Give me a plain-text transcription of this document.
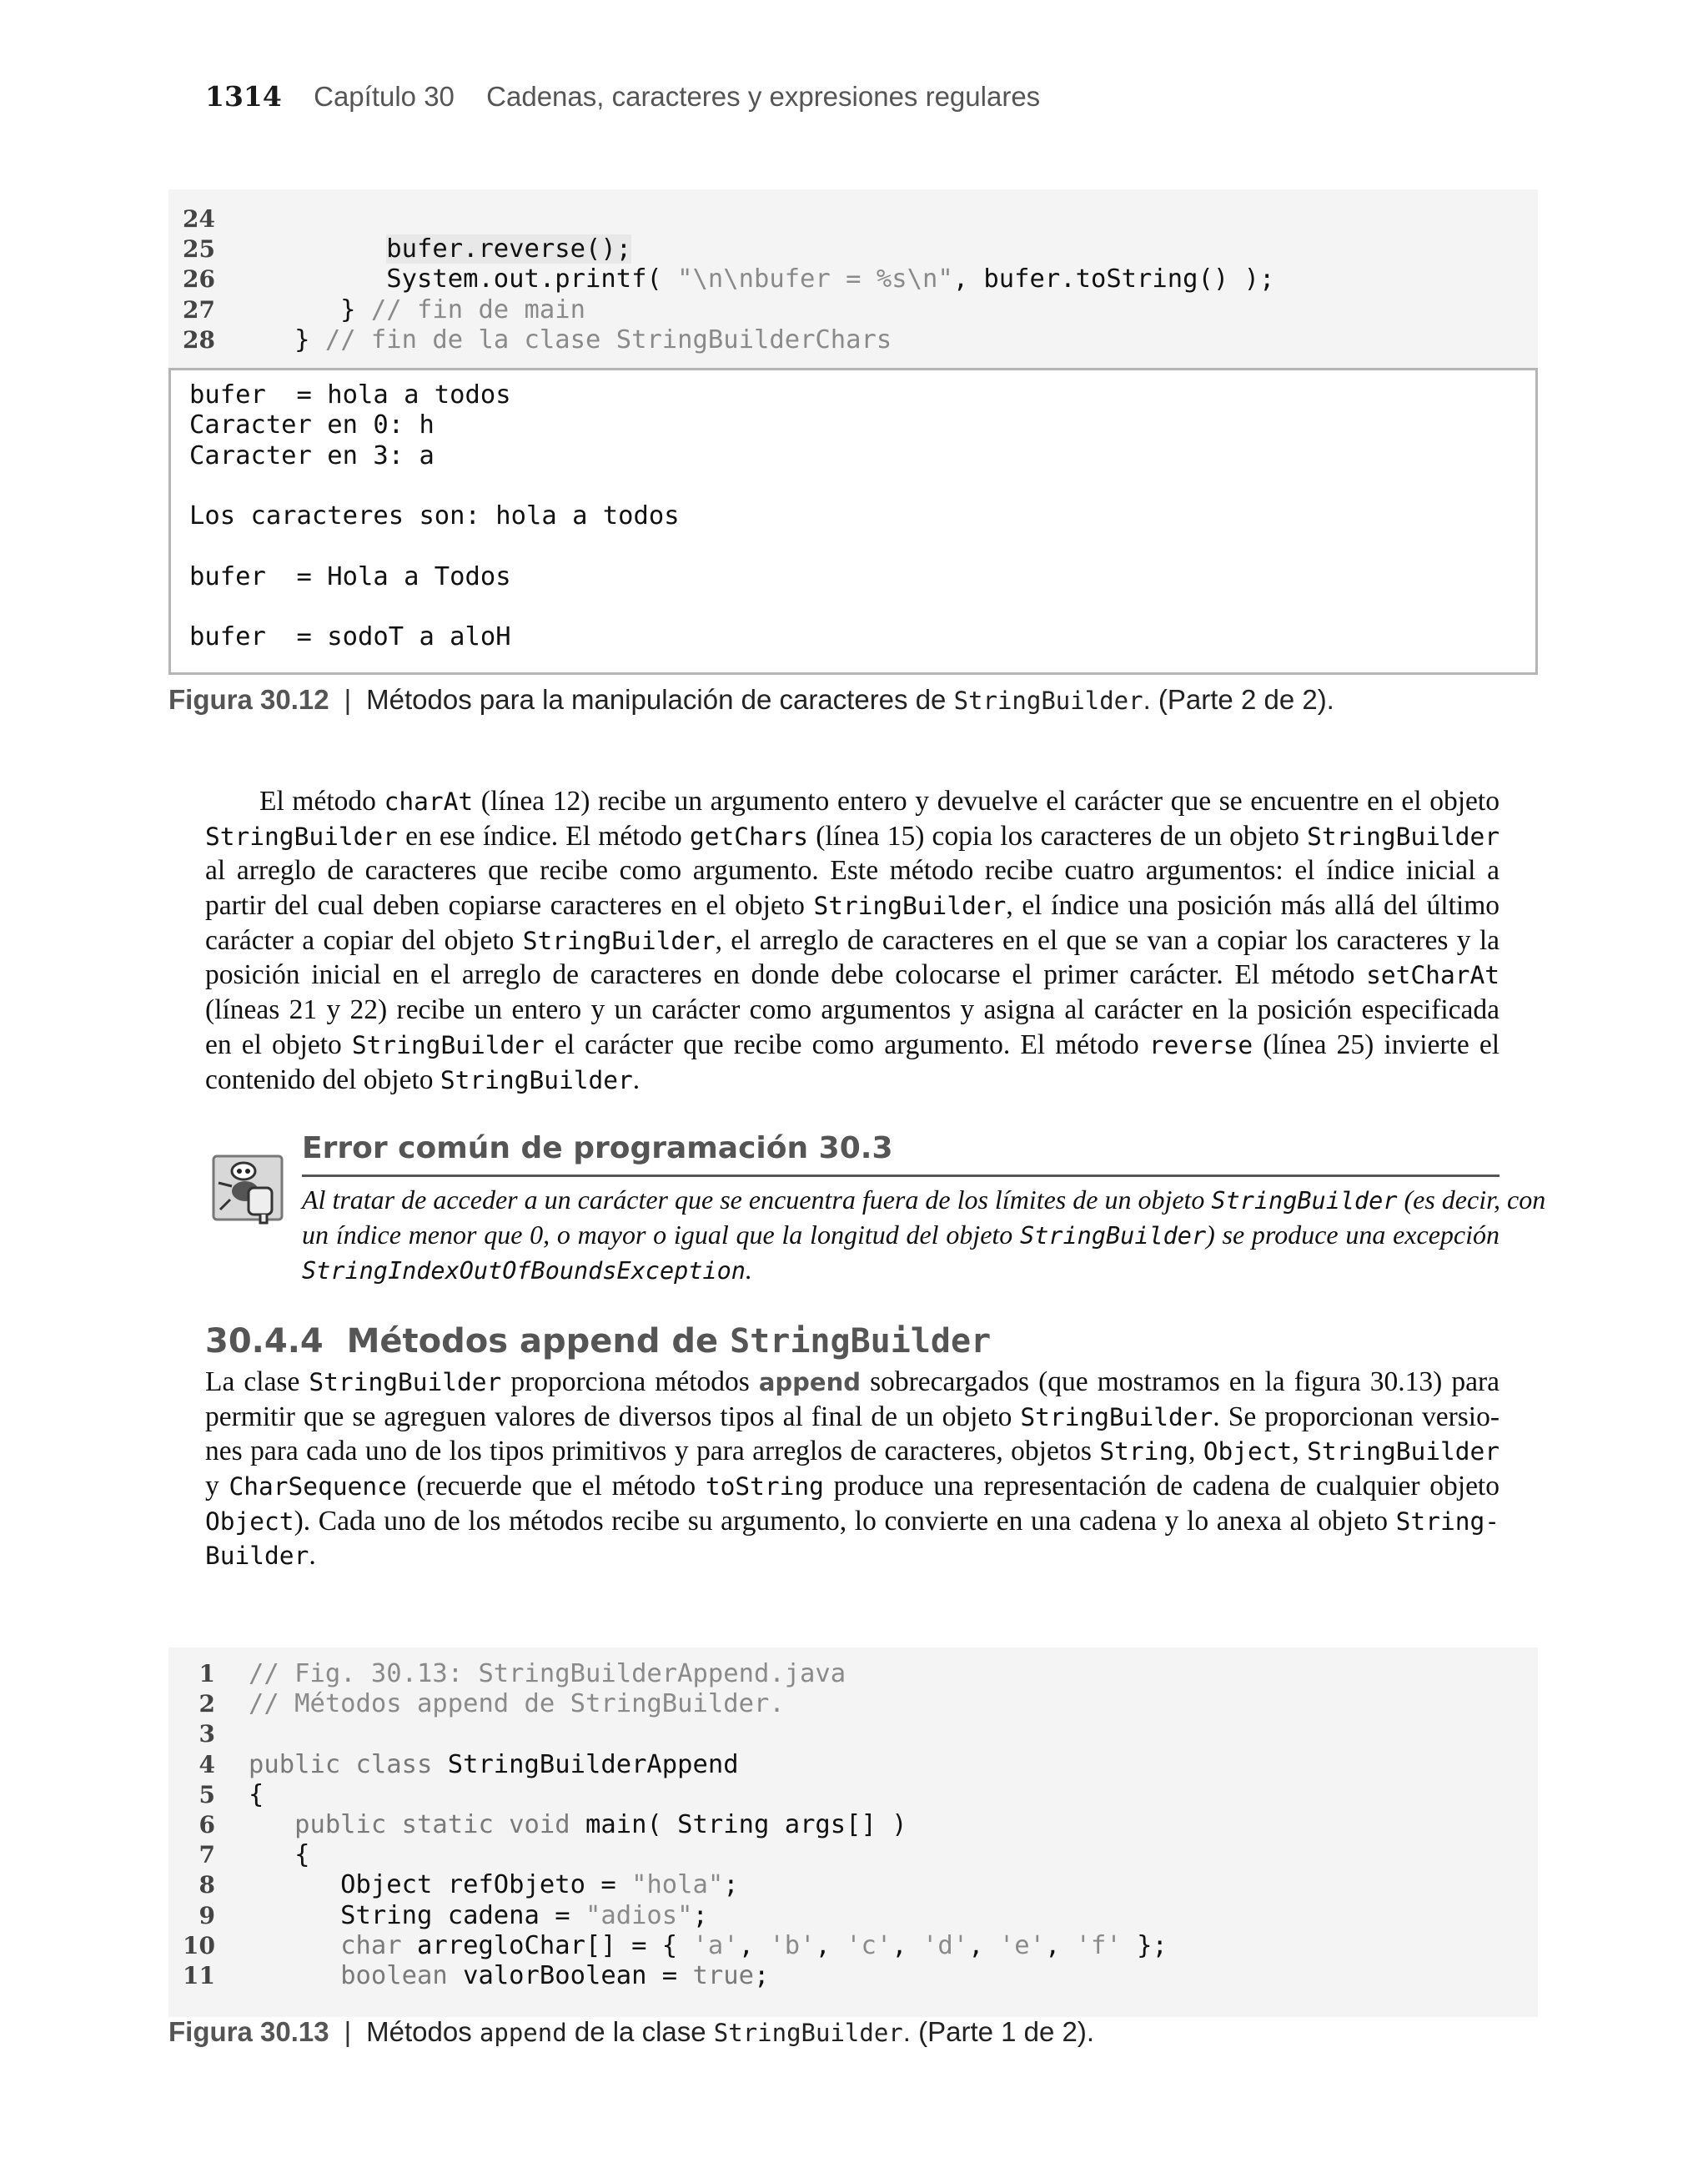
1314 Capítulo 30 Cadenas, caracteres y expresiones regulares
24
25	bufer.reverse();
26 System.out.printf( "\n\nbufer = %s\n", bufer.toString() );
27 } // fin de main
28 } // fin de la clase StringBuilderChars
bufer  = hola a todos
Caracter en 0: h
Caracter en 3: a
Los caracteres son: hola a todos
bufer  = Hola a Todos
bufer  = sodoT a aloH
Figura 30.12 | Métodos para la manipulación de caracteres de StringBuilder. (Parte 2 de 2).
El método charAt (línea 12) recibe un argumento entero y devuelve el carácter que se encuentre en el objeto
StringBuilder en ese índice. El método getChars (línea 15) copia los caracteres de un objeto StringBuilder
al arreglo de caracteres que recibe como argumento. Este método recibe cuatro argumentos: el índice inicial a
partir del cual deben copiarse caracteres en el objeto StringBuilder, el índice una posición más allá del último
carácter a copiar del objeto StringBuilder, el arreglo de caracteres en el que se van a copiar los caracteres y la
posición inicial en el arreglo de caracteres en donde debe colocarse el primer carácter. El método setCharAt
(líneas 21 y 22) recibe un entero y un carácter como argumentos y asigna al carácter en la posición especificada
en el objeto StringBuilder el carácter que recibe como argumento. El método reverse (línea 25) invierte el
contenido del objeto StringBuilder.
Error común de programación 30.3
Al tratar de acceder a un carácter que se encuentra fuera de los límites de un objeto StringBuilder (es decir, con
un índice menor que 0, o mayor o igual que la longitud del objeto StringBuilder) se produce una excepción
StringIndexOutOfBoundsException.
30.4.4 Métodos append de StringBuilder
La clase StringBuilder proporciona métodos append sobrecargados (que mostramos en la figura 30.13) para
permitir que se agreguen valores de diversos tipos al final de un objeto StringBuilder. Se proporcionan versio-
nes para cada uno de los tipos primitivos y para arreglos de caracteres, objetos String, Object, StringBuilder
y CharSequence (recuerde que el método toString produce una representación de cadena de cualquier objeto
Object). Cada uno de los métodos recibe su argumento, lo convierte en una cadena y lo anexa al objeto String-
Builder.
1 // Fig. 30.13: StringBuilderAppend.java
2 // Métodos append de StringBuilder.
3
4 public class StringBuilderAppend
5 {
6	public static void main( String args[] )
7 {
8 Object refObjeto = "hola";
9 String cadena = "adios";
10	char arregloChar[] = { 'a', 'b', 'c', 'd', 'e', 'f' };
11	boolean valorBoolean = true;
Figura 30.13 | Métodos append de la clase StringBuilder. (Parte 1 de 2).
